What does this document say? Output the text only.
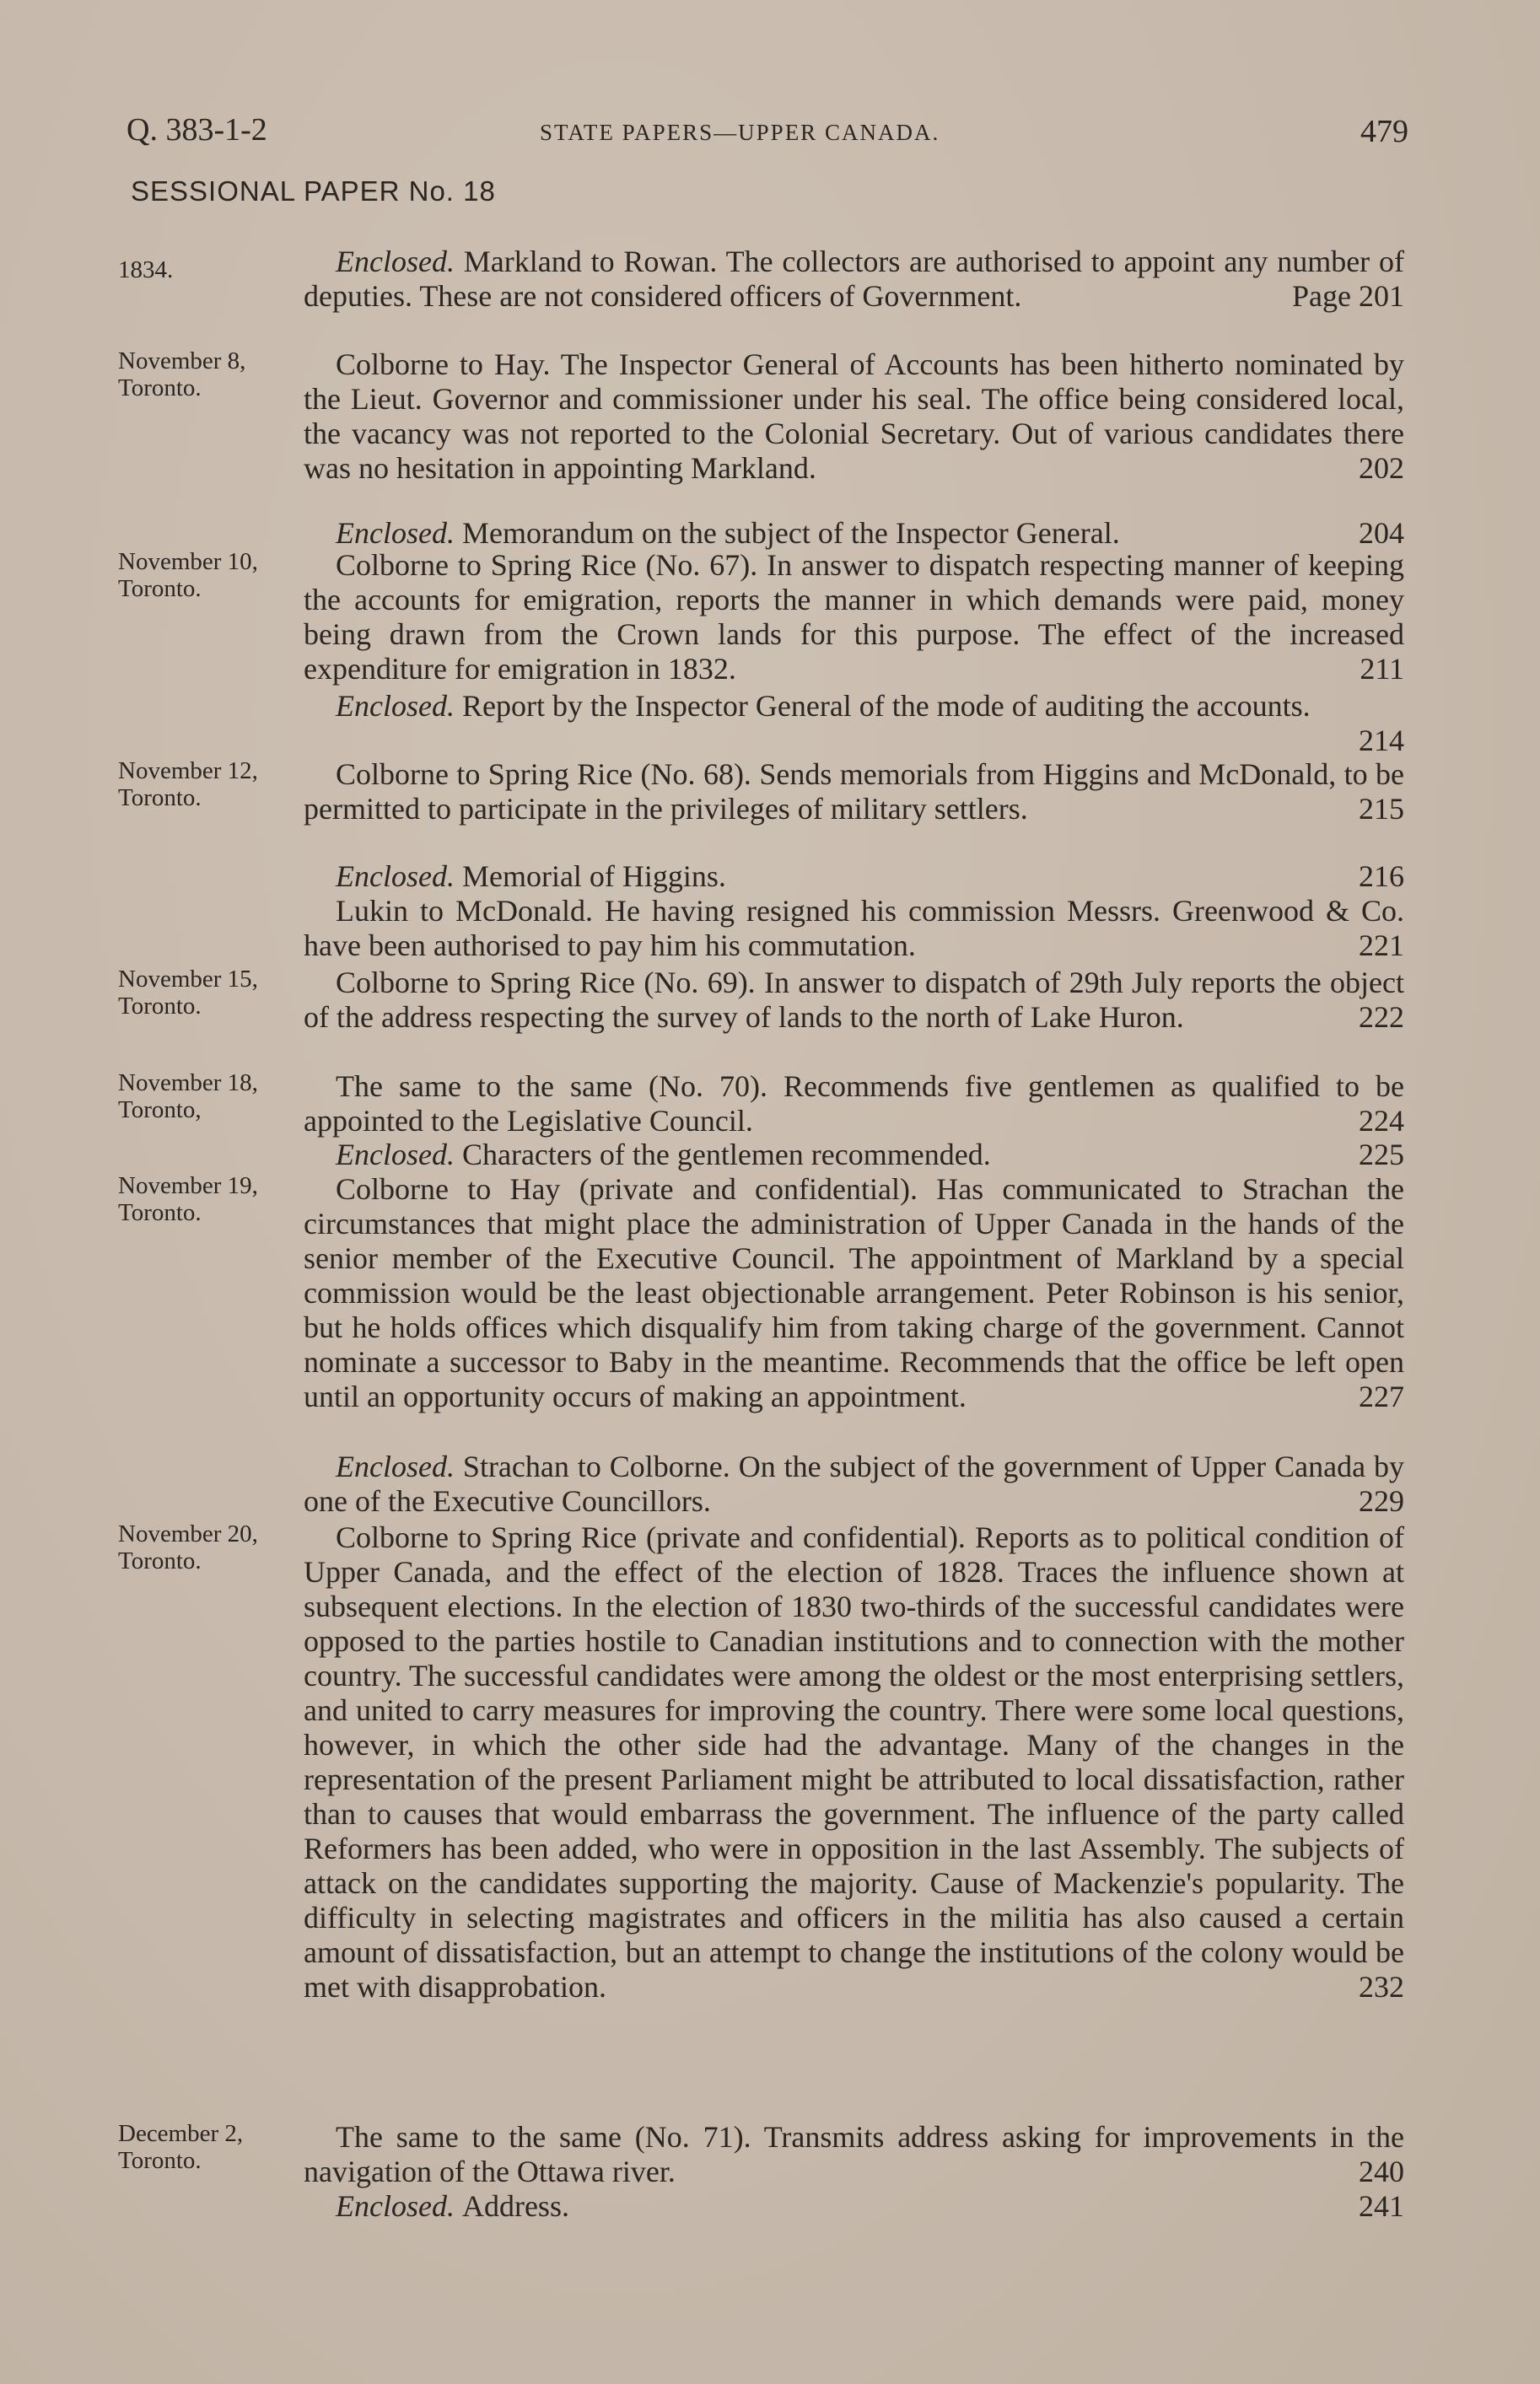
Q. 383-1-2	STATE PAPERS—UPPER CANADA.	479
SESSIONAL PAPER No. 18
1834.	Enclosed. Markland to Rowan. The collectors are authorised to appoint any number of deputies. These are not considered officers of Government.	Page 201
November 8,
Toronto.
Colborne to Hay. The Inspector General of Accounts has been hitherto nominated by the Lieut. Governor and commissioner under his seal. The office being considered local, the vacancy was not reported to the Colonial Secretary. Out of various candidates there was no hesitation in appointing Markland.	202
Enclosed. Memorandum on the subject of the Inspector General.	204
November 10,
Toronto.
Colborne to Spring Rice (No. 67). In answer to dispatch respecting manner of keeping the accounts for emigration, reports the manner in which demands were paid, money being drawn from the Crown lands for this purpose. The effect of the increased expenditure for emigration in 1832.	211
Enclosed. Report by the Inspector General of the mode of auditing the accounts.
214
November 12,
Toronto.
Colborne to Spring Rice (No. 68). Sends memorials from Higgins and McDonald, to be permitted to participate in the privileges of military settlers.	215
Enclosed. Memorial of Higgins.	216
Lukin to McDonald. He having resigned his commission Messrs. Greenwood & Co. have been authorised to pay him his commutation.	221
November 15,
Toronto.
Colborne to Spring Rice (No. 69). In answer to dispatch of 29th July reports the object of the address respecting the survey of lands to the north of Lake Huron.	222
November 18,
Toronto,
The same to the same (No. 70). Recommends five gentlemen as qualified to be appointed to the Legislative Council.	224
Enclosed. Characters of the gentlemen recommended.	225
November 19,
Toronto.
Colborne to Hay (private and confidential). Has communicated to Strachan the circumstances that might place the administration of Upper Canada in the hands of the senior member of the Executive Council. The appointment of Markland by a special commission would be the least objectionable arrangement. Peter Robinson is his senior, but he holds offices which disqualify him from taking charge of the government. Cannot nominate a successor to Baby in the meantime. Recommends that the office be left open until an opportunity occurs of making an appointment.	227
Enclosed. Strachan to Colborne. On the subject of the government of Upper Canada by one of the Executive Councillors.	229
November 20,
Toronto.
Colborne to Spring Rice (private and confidential). Reports as to political condition of Upper Canada, and the effect of the election of 1828. Traces the influence shown at subsequent elections. In the election of 1830 two-thirds of the successful candidates were opposed to the parties hostile to Canadian institutions and to connection with the mother country. The successful candidates were among the oldest or the most enterprising settlers, and united to carry measures for improving the country. There were some local questions, however, in which the other side had the advantage. Many of the changes in the representation of the present Parliament might be attributed to local dissatisfaction, rather than to causes that would embarrass the government. The influence of the party called Reformers has been added, who were in opposition in the last Assembly. The subjects of attack on the candidates supporting the majority. Cause of Mackenzie's popularity. The difficulty in selecting magistrates and officers in the militia has also caused a certain amount of dissatisfaction, but an attempt to change the institutions of the colony would be met with disapprobation.	232
December 2,
Toronto.
The same to the same (No. 71). Transmits address asking for improvements in the navigation of the Ottawa river.	240
Enclosed. Address.	241
